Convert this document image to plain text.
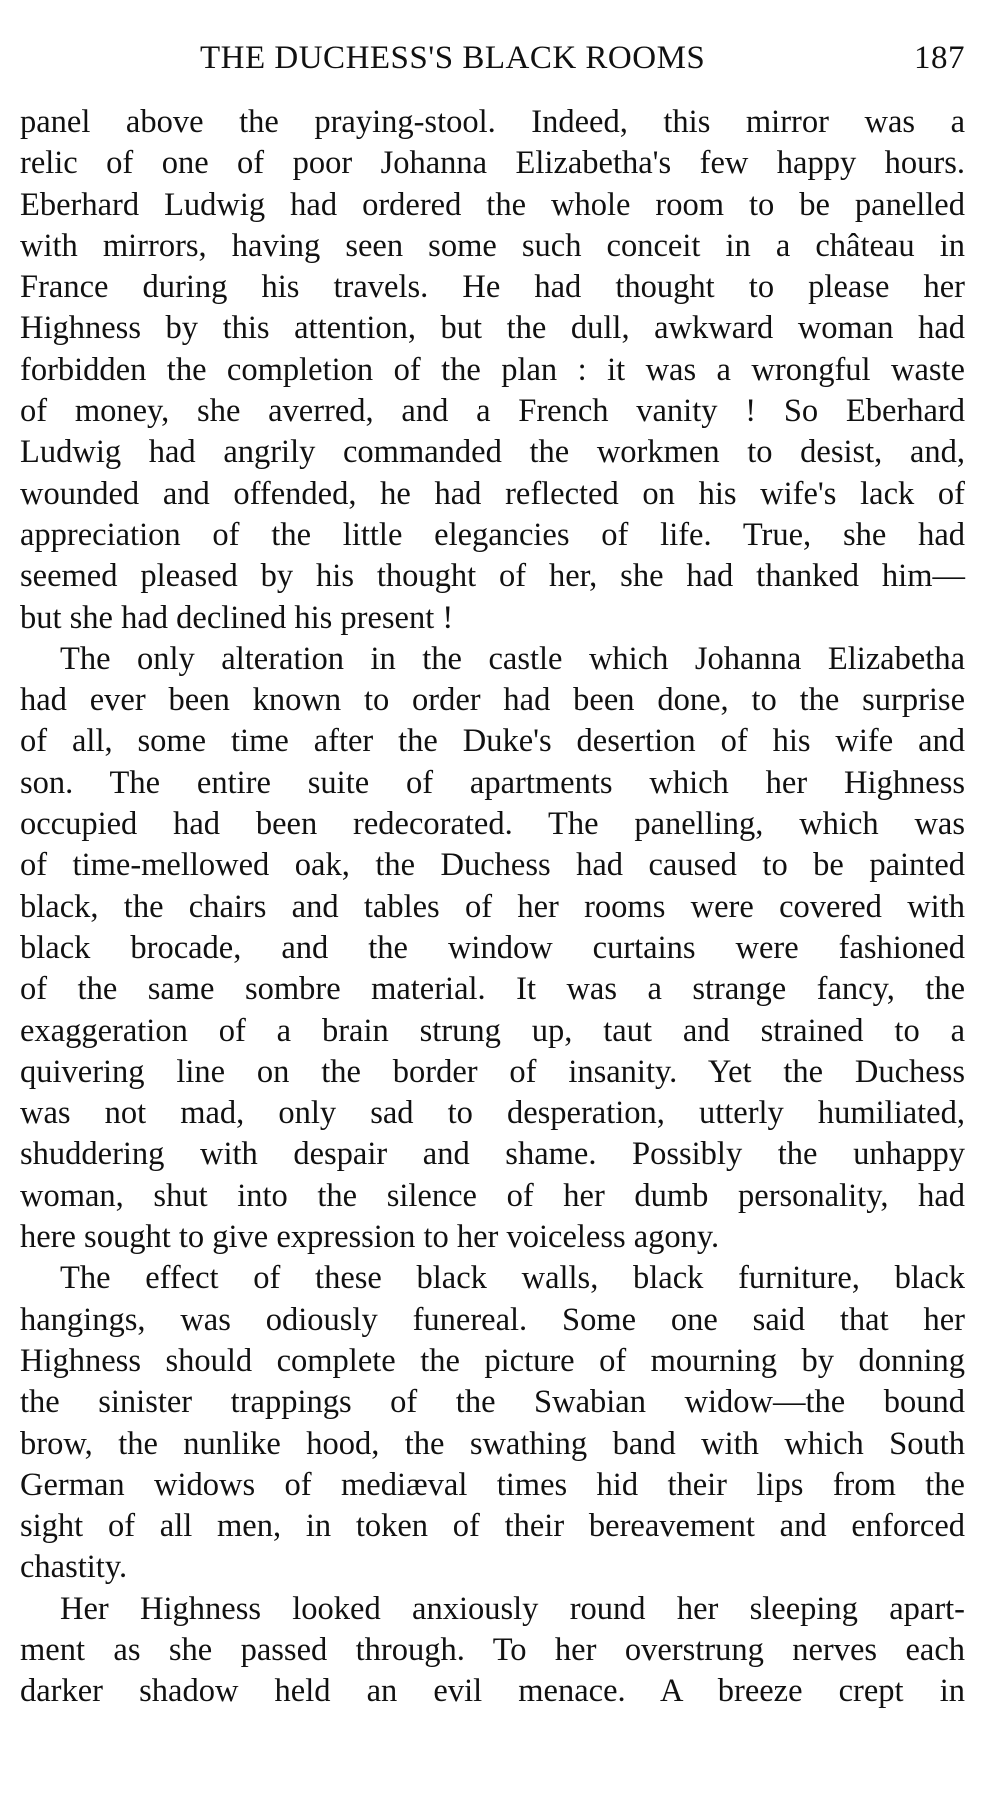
THE DUCHESS'S BLACK ROOMS	187
panel above the praying-stool. Indeed, this mirror was a
relic of one of poor Johanna Elizabetha's few happy hours.
Eberhard Ludwig had ordered the whole room to be panelled
with mirrors, having seen some such conceit in a château in
France during his travels. He had thought to please her
Highness by this attention, but the dull, awkward woman had
forbidden the completion of the plan : it was a wrongful waste
of money, she averred, and a French vanity ! So Eberhard
Ludwig had angrily commanded the workmen to desist, and,
wounded and offended, he had reflected on his wife's lack of
appreciation of the little elegancies of life. True, she had
seemed pleased by his thought of her, she had thanked him—
but she had declined his present !
The only alteration in the castle which Johanna Elizabetha
had ever been known to order had been done, to the surprise
of all, some time after the Duke's desertion of his wife and
son. The entire suite of apartments which her Highness
occupied had been redecorated. The panelling, which was
of time-mellowed oak, the Duchess had caused to be painted
black, the chairs and tables of her rooms were covered with
black brocade, and the window curtains were fashioned
of the same sombre material. It was a strange fancy, the
exaggeration of a brain strung up, taut and strained to a
quivering line on the border of insanity. Yet the Duchess
was not mad, only sad to desperation, utterly humiliated,
shuddering with despair and shame. Possibly the unhappy
woman, shut into the silence of her dumb personality, had
here sought to give expression to her voiceless agony.
The effect of these black walls, black furniture, black
hangings, was odiously funereal. Some one said that her
Highness should complete the picture of mourning by donning
the sinister trappings of the Swabian widow—the bound
brow, the nunlike hood, the swathing band with which South
German widows of mediæval times hid their lips from the
sight of all men, in token of their bereavement and enforced
chastity.
Her Highness looked anxiously round her sleeping apart-
ment as she passed through. To her overstrung nerves each
darker shadow held an evil menace. A breeze crept in
